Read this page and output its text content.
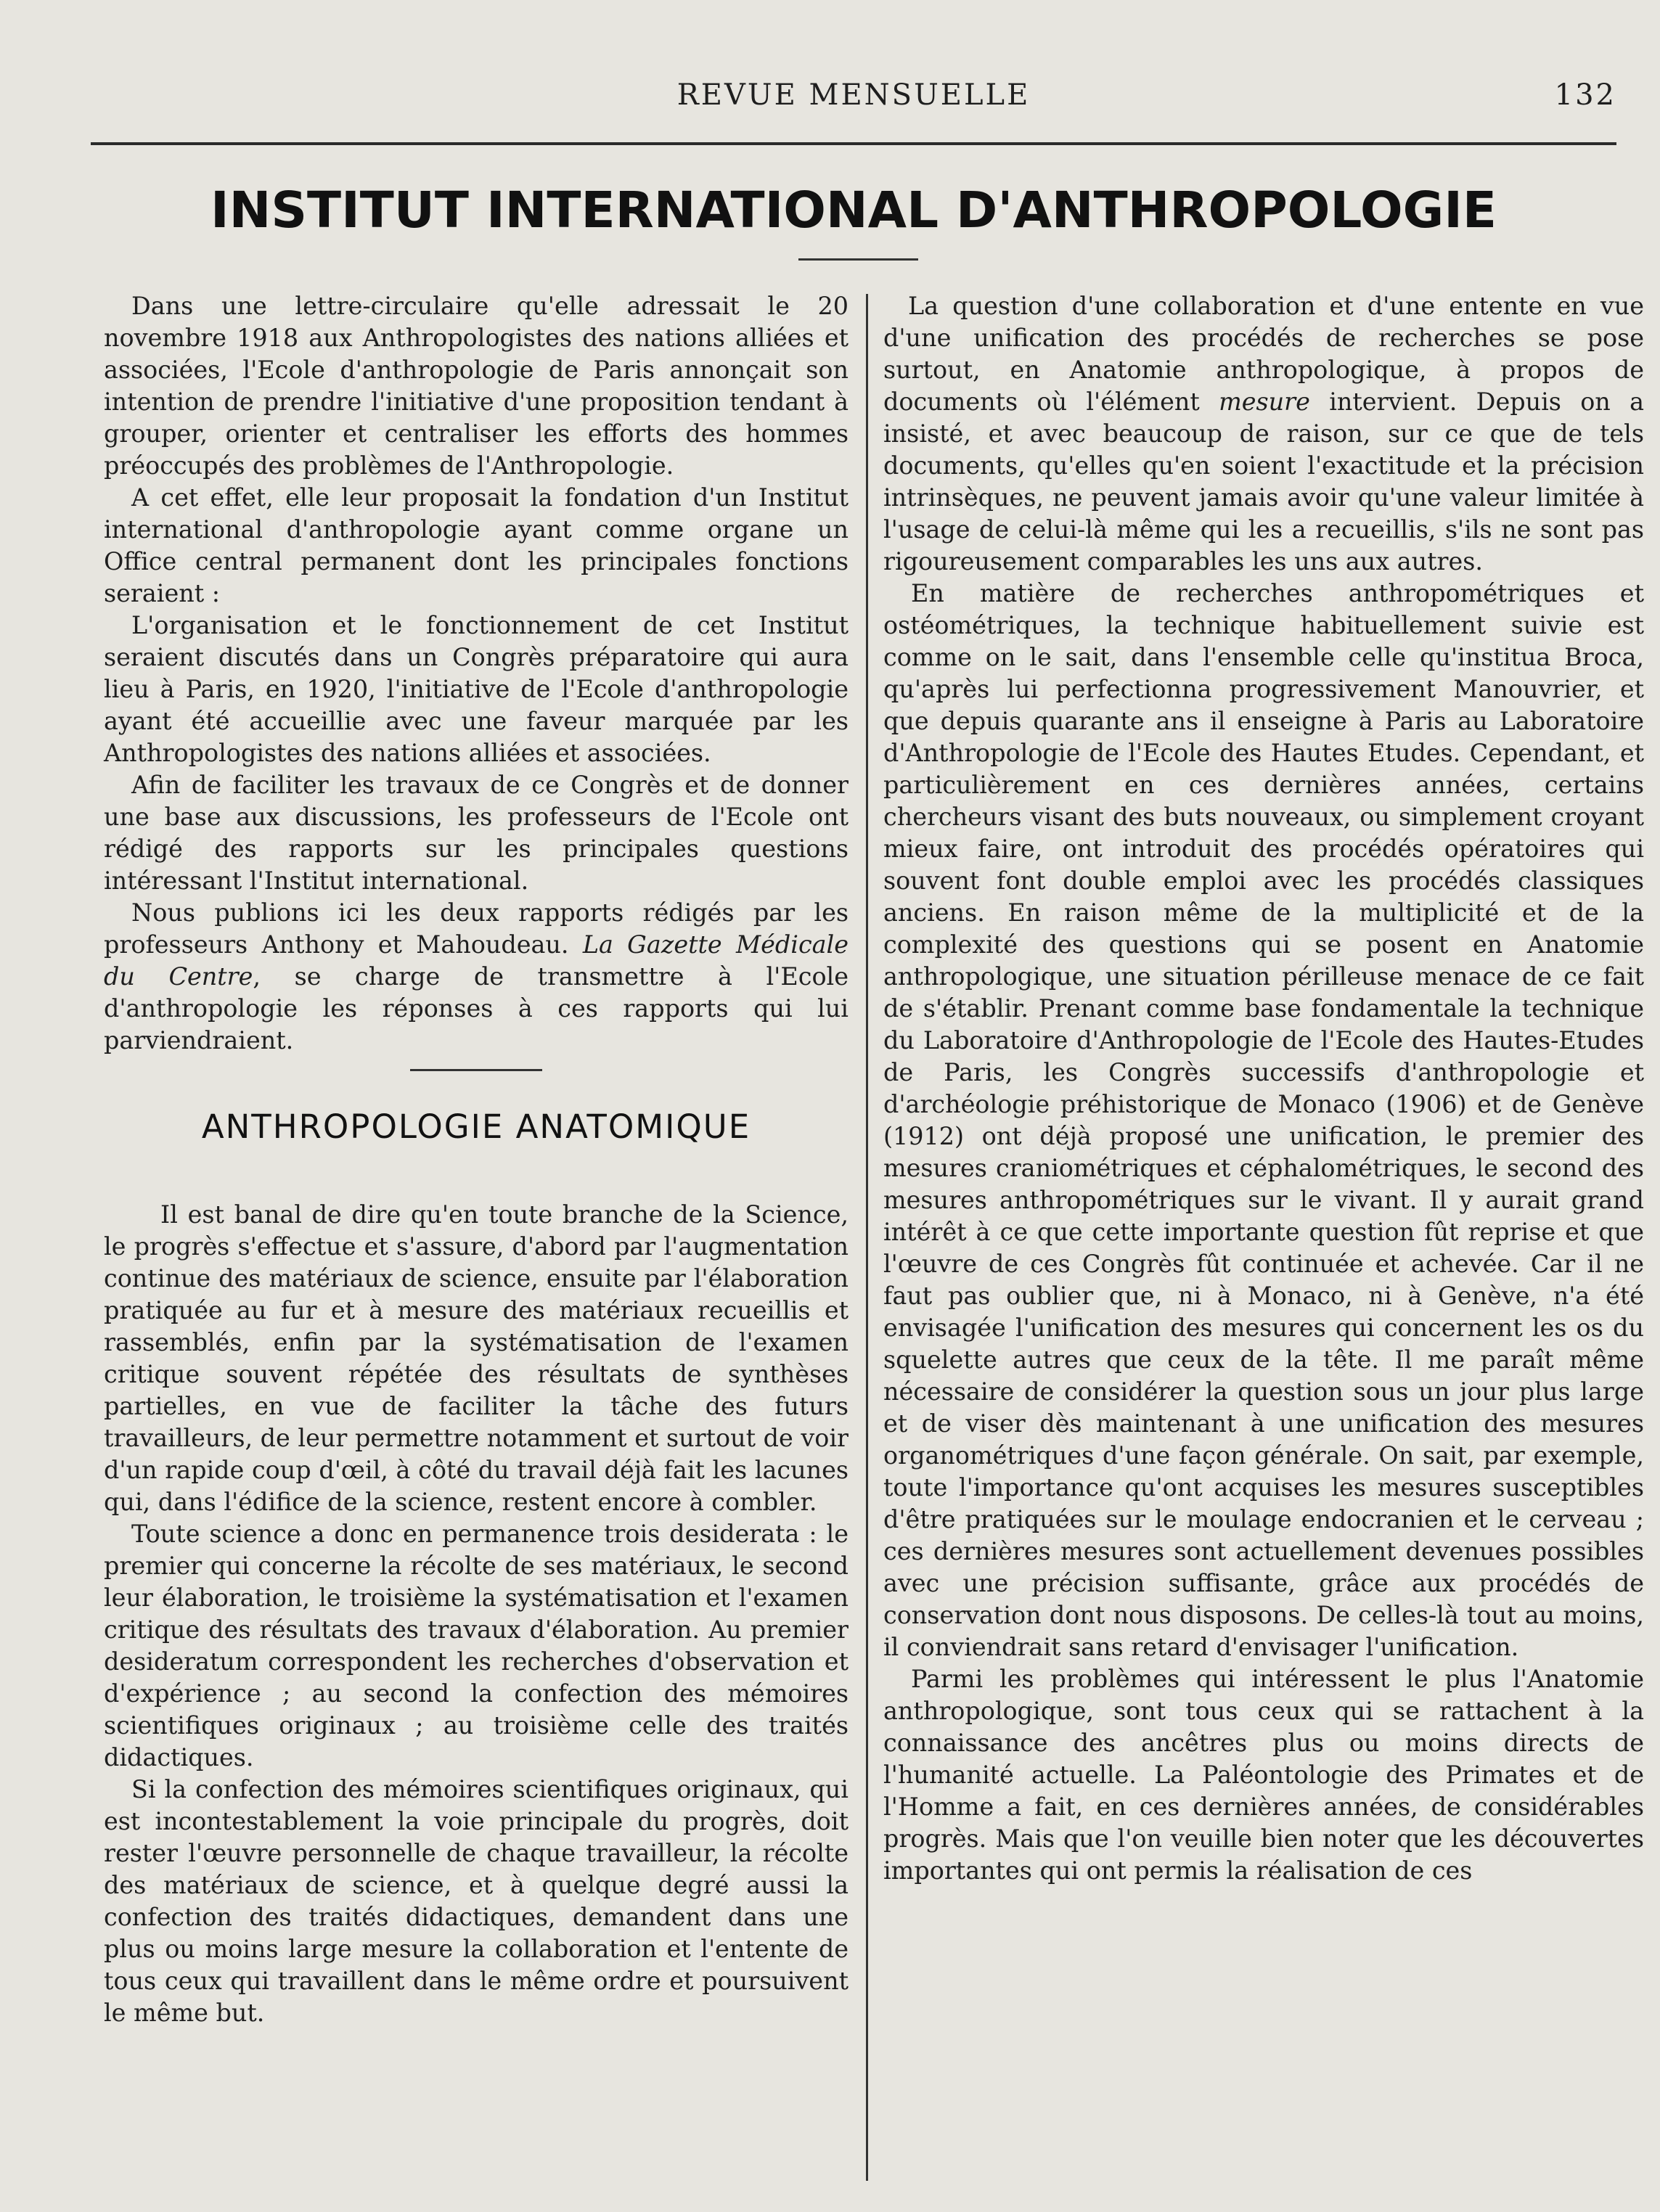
REVUE MENSUELLE	132
INSTITUT INTERNATIONAL D'ANTHROPOLOGIE

Dans une lettre-circulaire qu'elle adressait le 20 novembre 1918 aux Anthropologistes des nations alliées et associées, l'Ecole d'anthropologie de Paris annonçait son intention de prendre l'initiative d'une proposition tendant à grouper, orienter et centraliser les efforts des hommes préoccupés des problèmes de l'Anthropologie.

A cet effet, elle leur proposait la fondation d'un Institut international d'anthropologie ayant comme organe un Office central permanent dont les principales fonctions seraient :

L'organisation et le fonctionnement de cet Institut seraient discutés dans un Congrès préparatoire qui aura lieu à Paris, en 1920, l'initiative de l'Ecole d'anthropologie ayant été accueillie avec une faveur marquée par les Anthropologistes des nations alliées et associées.

Afin de faciliter les travaux de ce Congrès et de donner une base aux discussions, les professeurs de l'Ecole ont rédigé des rapports sur les principales questions intéressant l'Institut international.

Nous publions ici les deux rapports rédigés par les professeurs Anthony et Mahoudeau. La Gazette Médicale du Centre, se charge de transmettre à l'Ecole d'anthropologie les réponses à ces rapports qui lui parviendraient.

ANTHROPOLOGIE ANATOMIQUE

Il est banal de dire qu'en toute branche de la Science, le progrès s'effectue et s'assure, d'abord par l'augmentation continue des matériaux de science, ensuite par l'élaboration pratiquée au fur et à mesure des matériaux recueillis et rassemblés, enfin par la systématisation de l'examen critique souvent répétée des résultats de synthèses partielles, en vue de faciliter la tâche des futurs travailleurs, de leur permettre notamment et surtout de voir d'un rapide coup d'œil, à côté du travail déjà fait les lacunes qui, dans l'édifice de la science, restent encore à combler.

Toute science a donc en permanence trois desiderata : le premier qui concerne la récolte de ses matériaux, le second leur élaboration, le troisième la systématisation et l'examen critique des résultats des travaux d'élaboration. Au premier desideratum correspondent les recherches d'observation et d'expérience ; au second la confection des mémoires scientifiques originaux ; au troisième celle des traités didactiques.

Si la confection des mémoires scientifiques originaux, qui est incontestablement la voie principale du progrès, doit rester l'œuvre personnelle de chaque travailleur, la récolte des matériaux de science, et à quelque degré aussi la confection des traités didactiques, demandent dans une plus ou moins large mesure la collaboration et l'entente de tous ceux qui travaillent dans le même ordre et poursuivent le même but.

La question d'une collaboration et d'une entente en vue d'une unification des procédés de recherches se pose surtout, en Anatomie anthropologique, à propos de documents où l'élément mesure intervient. Depuis on a insisté, et avec beaucoup de raison, sur ce que de tels documents, qu'elles qu'en soient l'exactitude et la précision intrinsèques, ne peuvent jamais avoir qu'une valeur limitée à l'usage de celui-là même qui les a recueillis, s'ils ne sont pas rigoureusement comparables les uns aux autres.

En matière de recherches anthropométriques et ostéométriques, la technique habituellement suivie est comme on le sait, dans l'ensemble celle qu'institua Broca, qu'après lui perfectionna progressivement Manouvrier, et que depuis quarante ans il enseigne à Paris au Laboratoire d'Anthropologie de l'Ecole des Hautes Etudes. Cependant, et particulièrement en ces dernières années, certains chercheurs visant des buts nouveaux, ou simplement croyant mieux faire, ont introduit des procédés opératoires qui souvent font double emploi avec les procédés classiques anciens. En raison même de la multiplicité et de la complexité des questions qui se posent en Anatomie anthropologique, une situation périlleuse menace de ce fait de s'établir. Prenant comme base fondamentale la technique du Laboratoire d'Anthropologie de l'Ecole des Hautes-Etudes de Paris, les Congrès successifs d'anthropologie et d'archéologie préhistorique de Monaco (1906) et de Genève (1912) ont déjà proposé une unification, le premier des mesures craniométriques et céphalométriques, le second des mesures anthropométriques sur le vivant. Il y aurait grand intérêt à ce que cette importante question fût reprise et que l'œuvre de ces Congrès fût continuée et achevée. Car il ne faut pas oublier que, ni à Monaco, ni à Genève, n'a été envisagée l'unification des mesures qui concernent les os du squelette autres que ceux de la tête. Il me paraît même nécessaire de considérer la question sous un jour plus large et de viser dès maintenant à une unification des mesures organométriques d'une façon générale. On sait, par exemple, toute l'importance qu'ont acquises les mesures susceptibles d'être pratiquées sur le moulage endocranien et le cerveau ; ces dernières mesures sont actuellement devenues possibles avec une précision suffisante, grâce aux procédés de conservation dont nous disposons. De celles-là tout au moins, il conviendrait sans retard d'envisager l'unification.

Parmi les problèmes qui intéressent le plus l'Anatomie anthropologique, sont tous ceux qui se rattachent à la connaissance des ancêtres plus ou moins directs de l'humanité actuelle. La Paléontologie des Primates et de l'Homme a fait, en ces dernières années, de considérables progrès. Mais que l'on veuille bien noter que les découvertes importantes qui ont permis la réalisation de ces
